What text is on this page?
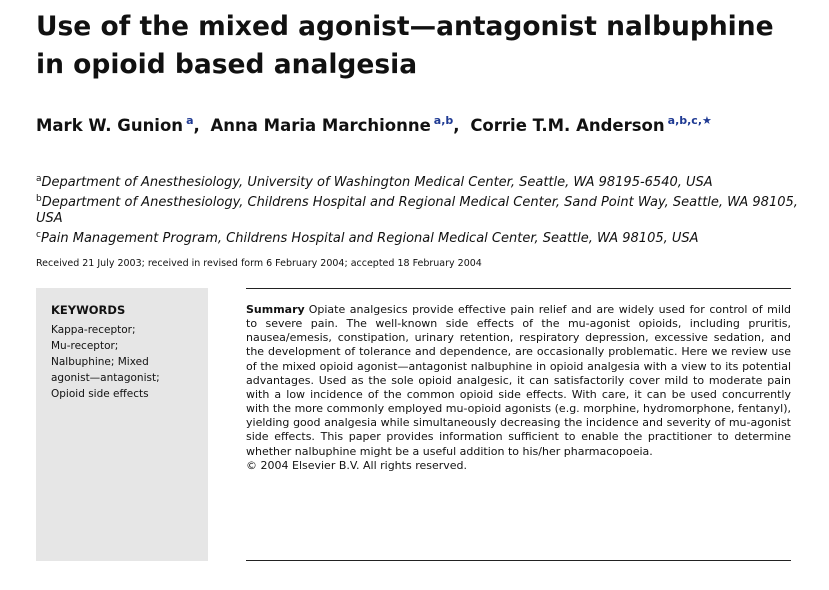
Use of the mixed agonist—antagonist nalbuphine in opioid based analgesia
Mark W. Gunion $^a$, Anna Maria Marchionne $^{a,b}$, Corrie T.M. Anderson $^{a,b,c,★}$

$^a$Department of Anesthesiology, University of Washington Medical Center, Seattle, WA 98195-6540, USA

$^b$Department of Anesthesiology, Childrens Hospital and Regional Medical Center, Sand Point Way, Seattle, WA 98105, USA

$^c$Pain Management Program, Childrens Hospital and Regional Medical Center, Seattle, WA 98105, USA

Received 21 July 2003; received in revised form 6 February 2004; accepted 18 February 2004

KEYWORDS

Kappa-receptor;
Mu-receptor;
Nalbuphine; Mixed
agonist—antagonist;
Opioid side effects
Summary Opiate analgesics provide effective pain relief and are widely used for control of mild to severe pain. The well-known side effects of the mu-agonist opioids, including pruritis, nausea/emesis, constipation, urinary retention, respiratory depression, excessive sedation, and the development of tolerance and dependence, are occasionally problematic. Here we review use of the mixed opioid agonist—antagonist nalbuphine in opioid analgesia with a view to its potential advantages. Used as the sole opioid analgesic, it can satisfactorily cover mild to moderate pain with a low incidence of the common opioid side effects. With care, it can be used concurrently with the more commonly employed mu-opioid agonists (e.g. morphine, hydromorphone, fentanyl), yielding good analgesia while simultaneously decreasing the incidence and severity of mu-agonist side effects. This paper provides information sufficient to enable the practitioner to determine whether nalbuphine might be a useful addition to his/her pharmacopoeia.
© 2004 Elsevier B.V. All rights reserved.
